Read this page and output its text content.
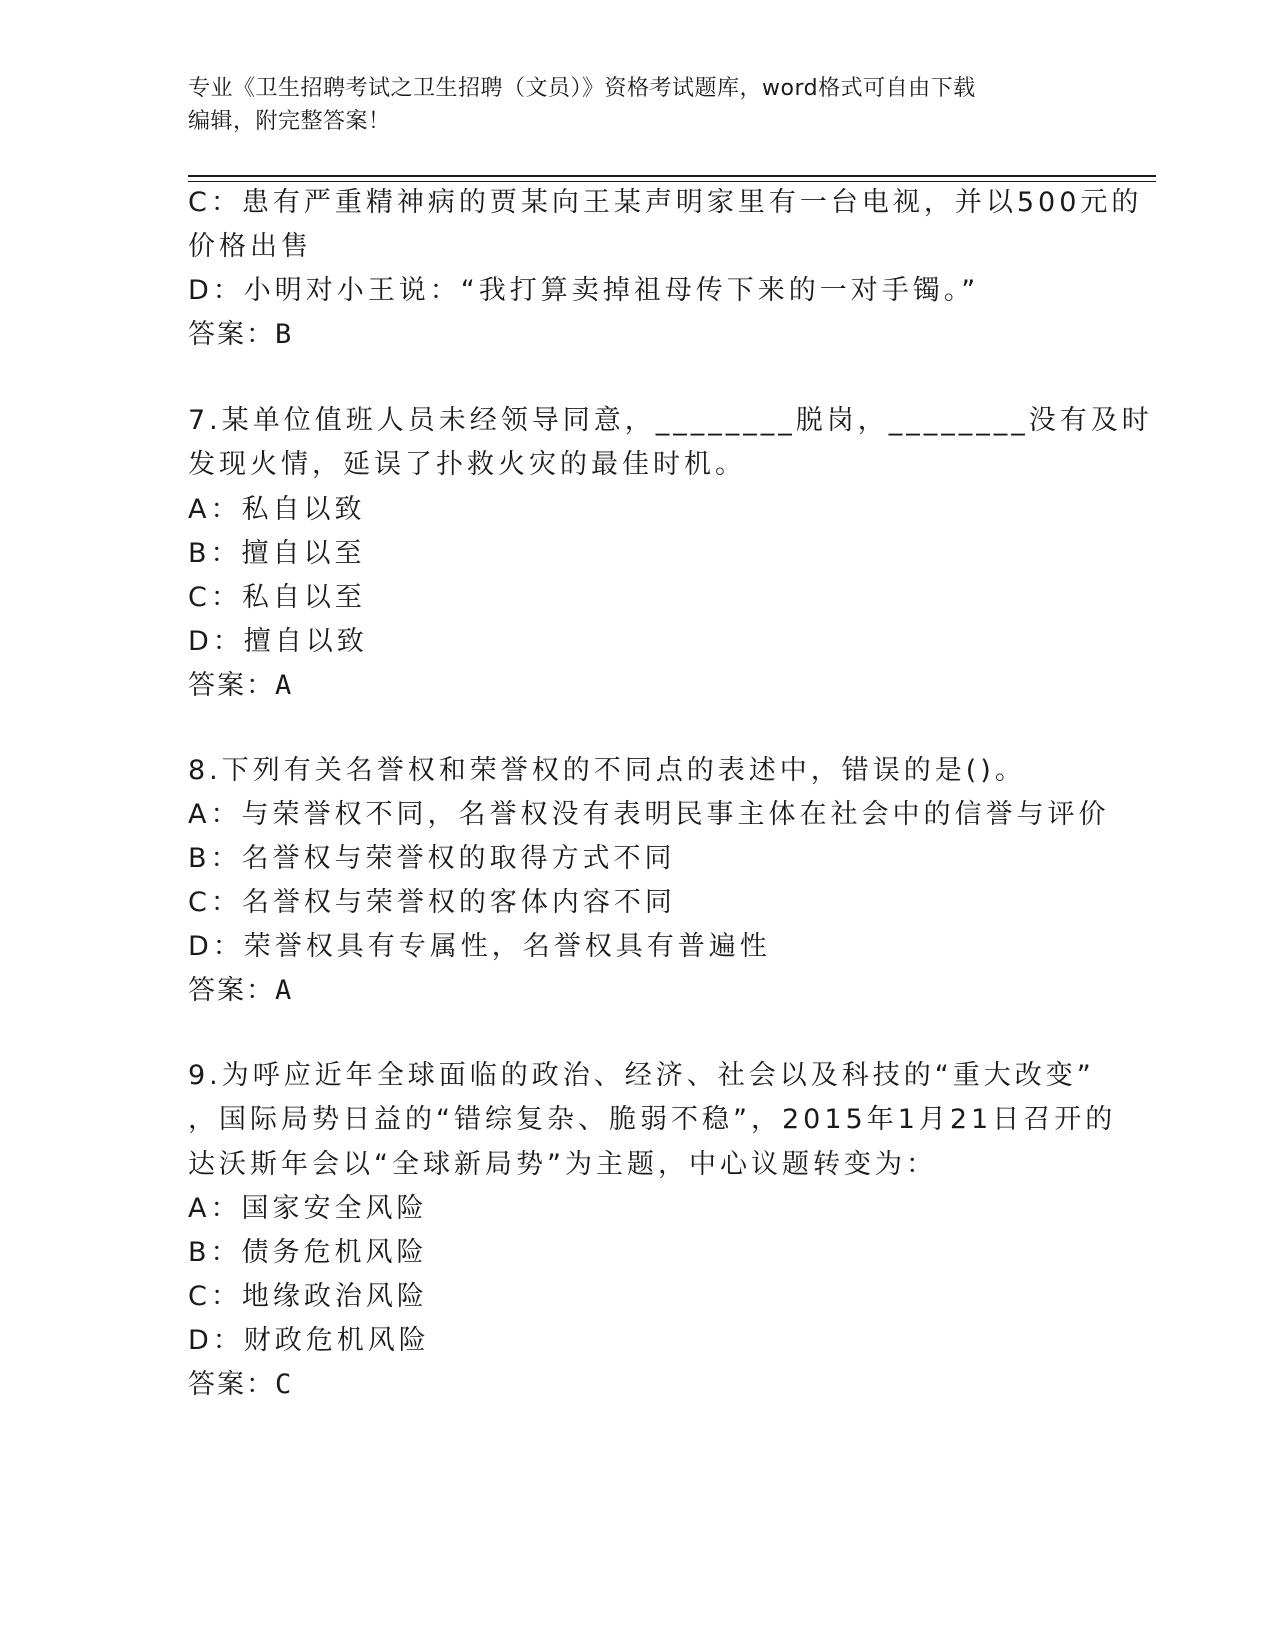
专业《卫生招聘考试之卫生招聘（文员）》资格考试题库，word格式可自由下载
编辑，附完整答案！
C：患有严重精神病的贾某向王某声明家里有一台电视，并以500元的
价格出售
D：小明对小王说：“我打算卖掉祖母传下来的一对手镯。”
答案：B
7.某单位值班人员未经领导同意，________脱岗，________没有及时
发现火情，延误了扑救火灾的最佳时机。
A：私自以致
B：擅自以至
C：私自以至
D：擅自以致
答案：A
8.下列有关名誉权和荣誉权的不同点的表述中，错误的是()。
A：与荣誉权不同，名誉权没有表明民事主体在社会中的信誉与评价
B：名誉权与荣誉权的取得方式不同
C：名誉权与荣誉权的客体内容不同
D：荣誉权具有专属性，名誉权具有普遍性
答案：A
9.为呼应近年全球面临的政治、经济、社会以及科技的“重大改变”
，国际局势日益的“错综复杂、脆弱不稳”，2015年1月21日召开的
达沃斯年会以“全球新局势”为主题，中心议题转变为：
A：国家安全风险
B：债务危机风险
C：地缘政治风险
D：财政危机风险
答案：C
